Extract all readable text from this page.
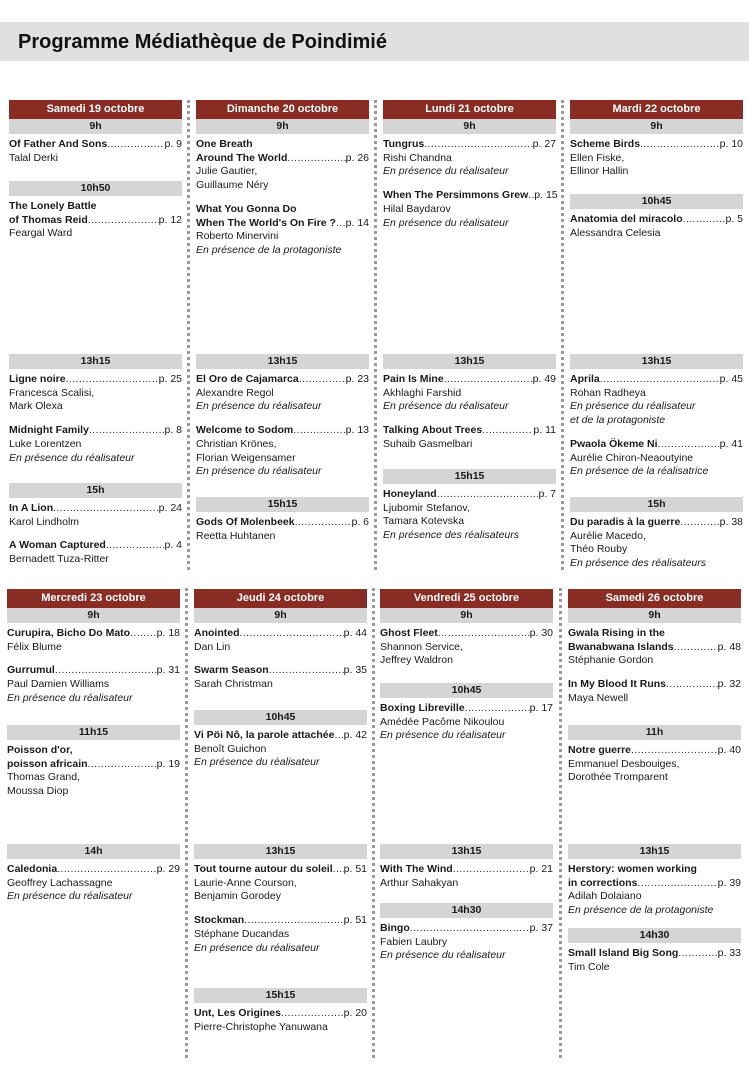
Programme Médiathèque de Poindimié
Samedi 19 octobre
9h
Of Father And Sons .....	p. 9
Talal Derki
10h50
The Lonely Battle
of Thomas Reid .....	p. 12
Feargal Ward
13h15
Ligne noire .....	p. 25
Francesca Scalisi,
Mark Olexa
Midnight Family .....	p. 8
Luke Lorentzen
En présence du réalisateur
15h
In A Lion .....	p. 24
Karol Lindholm
A Woman Captured .....	p. 4
Bernadett Tuza-Ritter
Dimanche 20 octobre
9h
One Breath
Around The World .....	p. 26
Julie Gautier,
Guillaume Néry
What You Gonna Do
When The World's On Fire ? ..... p. 14
Roberto Minervini
En présence de la protagoniste
13h15
El Oro de Cajamarca .....	p. 23
Alexandre Regol
En présence du réalisateur
Welcome to Sodom .....	p. 13
Christian Krönes,
Florian Weigensamer
En présence du réalisateur
15h15
Gods Of Molenbeek .....	p. 6
Reetta Huhtanen
Lundi 21 octobre
9h
Tungrus .....	p. 27
Rishi Chandna
En présence du réalisateur
When The Persimmons Grew ..... p. 15
Hilal Baydarov
En présence du réalisateur
13h15
Pain Is Mine .....	p. 49
Akhlaghi Farshid
En présence du réalisateur
Talking About Trees .....	p. 11
Suhaib Gasmelbari
15h15
Honeyland .....	p. 7
Ljubomir Stefanov,
Tamara Kotevska
En présence des réalisateurs
Mardi 22 octobre
9h
Scheme Birds .....	p. 10
Ellen Fiske,
Ellinor Hallin
10h45
Anatomia del miracolo .....	p. 5
Alessandra Celesia
13h15
Aprila .....	p. 45
Rohan Radheya
En présence du réalisateur
et de la protagoniste
Pwaola Ökeme Ni .....	p. 41
Aurélie Chiron-Neaoutyine
En présence de la réalisatrice
15h
Du paradis à la guerre .....	p. 38
Aurélie Macedo,
Théo Rouby
En présence des réalisateurs
Mercredi 23 octobre
9h
Curupira, Bicho Do Mato .....	p. 18
Félix Blume
Gurrumul .....	p. 31
Paul Damien Williams
En présence du réalisateur
11h15
Poisson d'or,
poisson africain .....	p. 19
Thomas Grand,
Moussa Diop
14h
Caledonia .....	p. 29
Geoffrey Lachassagne
En présence du réalisateur
Jeudi 24 octobre
9h
Anointed .....	p. 44
Dan Lin
Swarm Season .....	p. 35
Sarah Christman
10h45
Vi Pöi Nô, la parole attachée ..... p. 42
Benoît Guichon
En présence du réalisateur
13h15
Tout tourne autour du soleil ..... p. 51
Laurie-Anne Courson,
Benjamin Gorodey
Stockman .....	p. 51
Stéphane Ducandas
En présence du réalisateur
15h15
Unt, Les Origines .....	p. 20
Pierre-Christophe Yanuwana
Vendredi 25 octobre
9h
Ghost Fleet .....	p. 30
Shannon Service,
Jeffrey Waldron
10h45
Boxing Libreville .....	p. 17
Amédée Pacôme Nikoulou
En présence du réalisateur
13h15
With The Wind .....	p. 21
Arthur Sahakyan
14h30
Bingo .....	p. 37
Fabien Laubry
En présence du réalisateur
Samedi 26 octobre
9h
Gwala Rising in the
Bwanabwana Islands .....	p. 48
Stéphanie Gordon
In My Blood It Runs .....	p. 32
Maya Newell
11h
Notre guerre .....	p. 40
Emmanuel Desbouiges,
Dorothée Tromparent
13h15
Herstory: women working
in corrections .....	p. 39
Adilah Dolaiano
En présence de la protagoniste
14h30
Small Island Big Song .....	p. 33
Tim Cole
